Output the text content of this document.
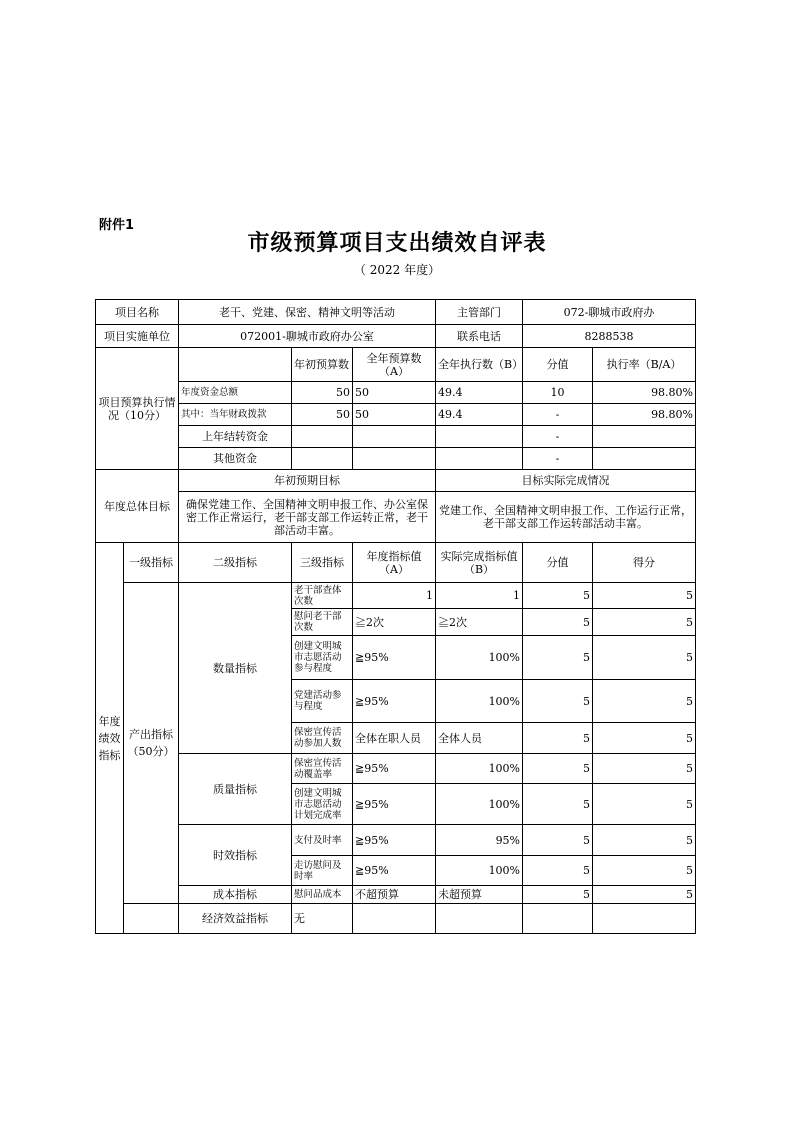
附件1
市级预算项目支出绩效自评表
（ 2022 年度）
项目名称		老干、党建、保密、精神文明等活动			主管部门	072-聊城市政府办	
项目实施单位		072001-聊城市政府办公室			联系电话	8288538	
项目预算执行情况（10分）			年初预算数	全年预算数（A）	全年执行数（B）	分值	执行率（B/A）
		年度资金总额	50	50	49.4	10	98.80%
		其中：当年财政拨款	50	50	49.4	-	98.80%
		上年结转资金				-	
		其他资金				-	
年度总体目标		年初预期目标			目标实际完成情况		
		确保党建工作、全国精神文明申报工作、办公室保密工作正常运行，老干部支部工作运转正常，老干部活动丰富。			党建工作、全国精神文明申报工作、工作运行正常，老干部支部工作运转部活动丰富。		
年度绩效指标	一级指标	二级指标	三级指标	年度指标值（A）	实际完成指标值（B）	分值	得分
	产出指标（50分）	数量指标	老干部查体次数	1	1	5	5
			慰问老干部次数	≧2次	≧2次	5	5
			创建文明城市志愿活动参与程度	≧95%	100%	5	5
			党建活动参与程度	≧95%	100%	5	5
			保密宣传活动参加人数	全体在职人员	全体人员	5	5
		质量指标	保密宣传活动覆盖率	≧95%	100%	5	5
			创建文明城市志愿活动计划完成率	≧95%	100%	5	5
		时效指标	支付及时率	≧95%	95%	5	5
			走访慰问及时率	≧95%	100%	5	5
		成本指标	慰问品成本	不超预算	未超预算	5	5
		经济效益指标	无				
